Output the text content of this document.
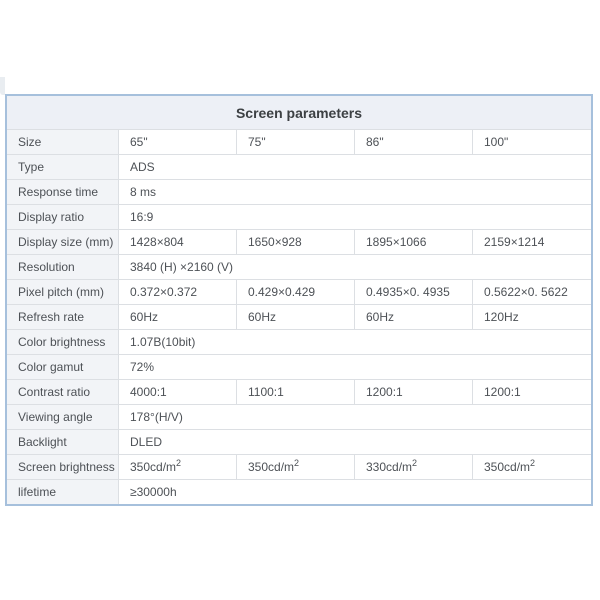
Screen parameters
Size	65"	75"	86"	100"
Type	ADS
Response time	8 ms
Display ratio	16:9
Display size (mm)	1428×804	1650×928	1895×1066	2159×1214
Resolution	3840 (H) ×2160 (V)
Pixel pitch (mm)	0.372×0.372	0.429×0.429	0.4935×0. 4935	0.5622×0. 5622
Refresh rate	60Hz	60Hz	60Hz	120Hz
Color brightness	1.07B(10bit)
Color gamut	72%
Contrast ratio	4000:1	1100:1	1200:1	1200:1
Viewing angle	178°(H/V)
Backlight	DLED
Screen brightness	$350cd/m^2$	$350cd/m^2$	$330cd/m^2$	$350cd/m^2$
lifetime	≥30000h
